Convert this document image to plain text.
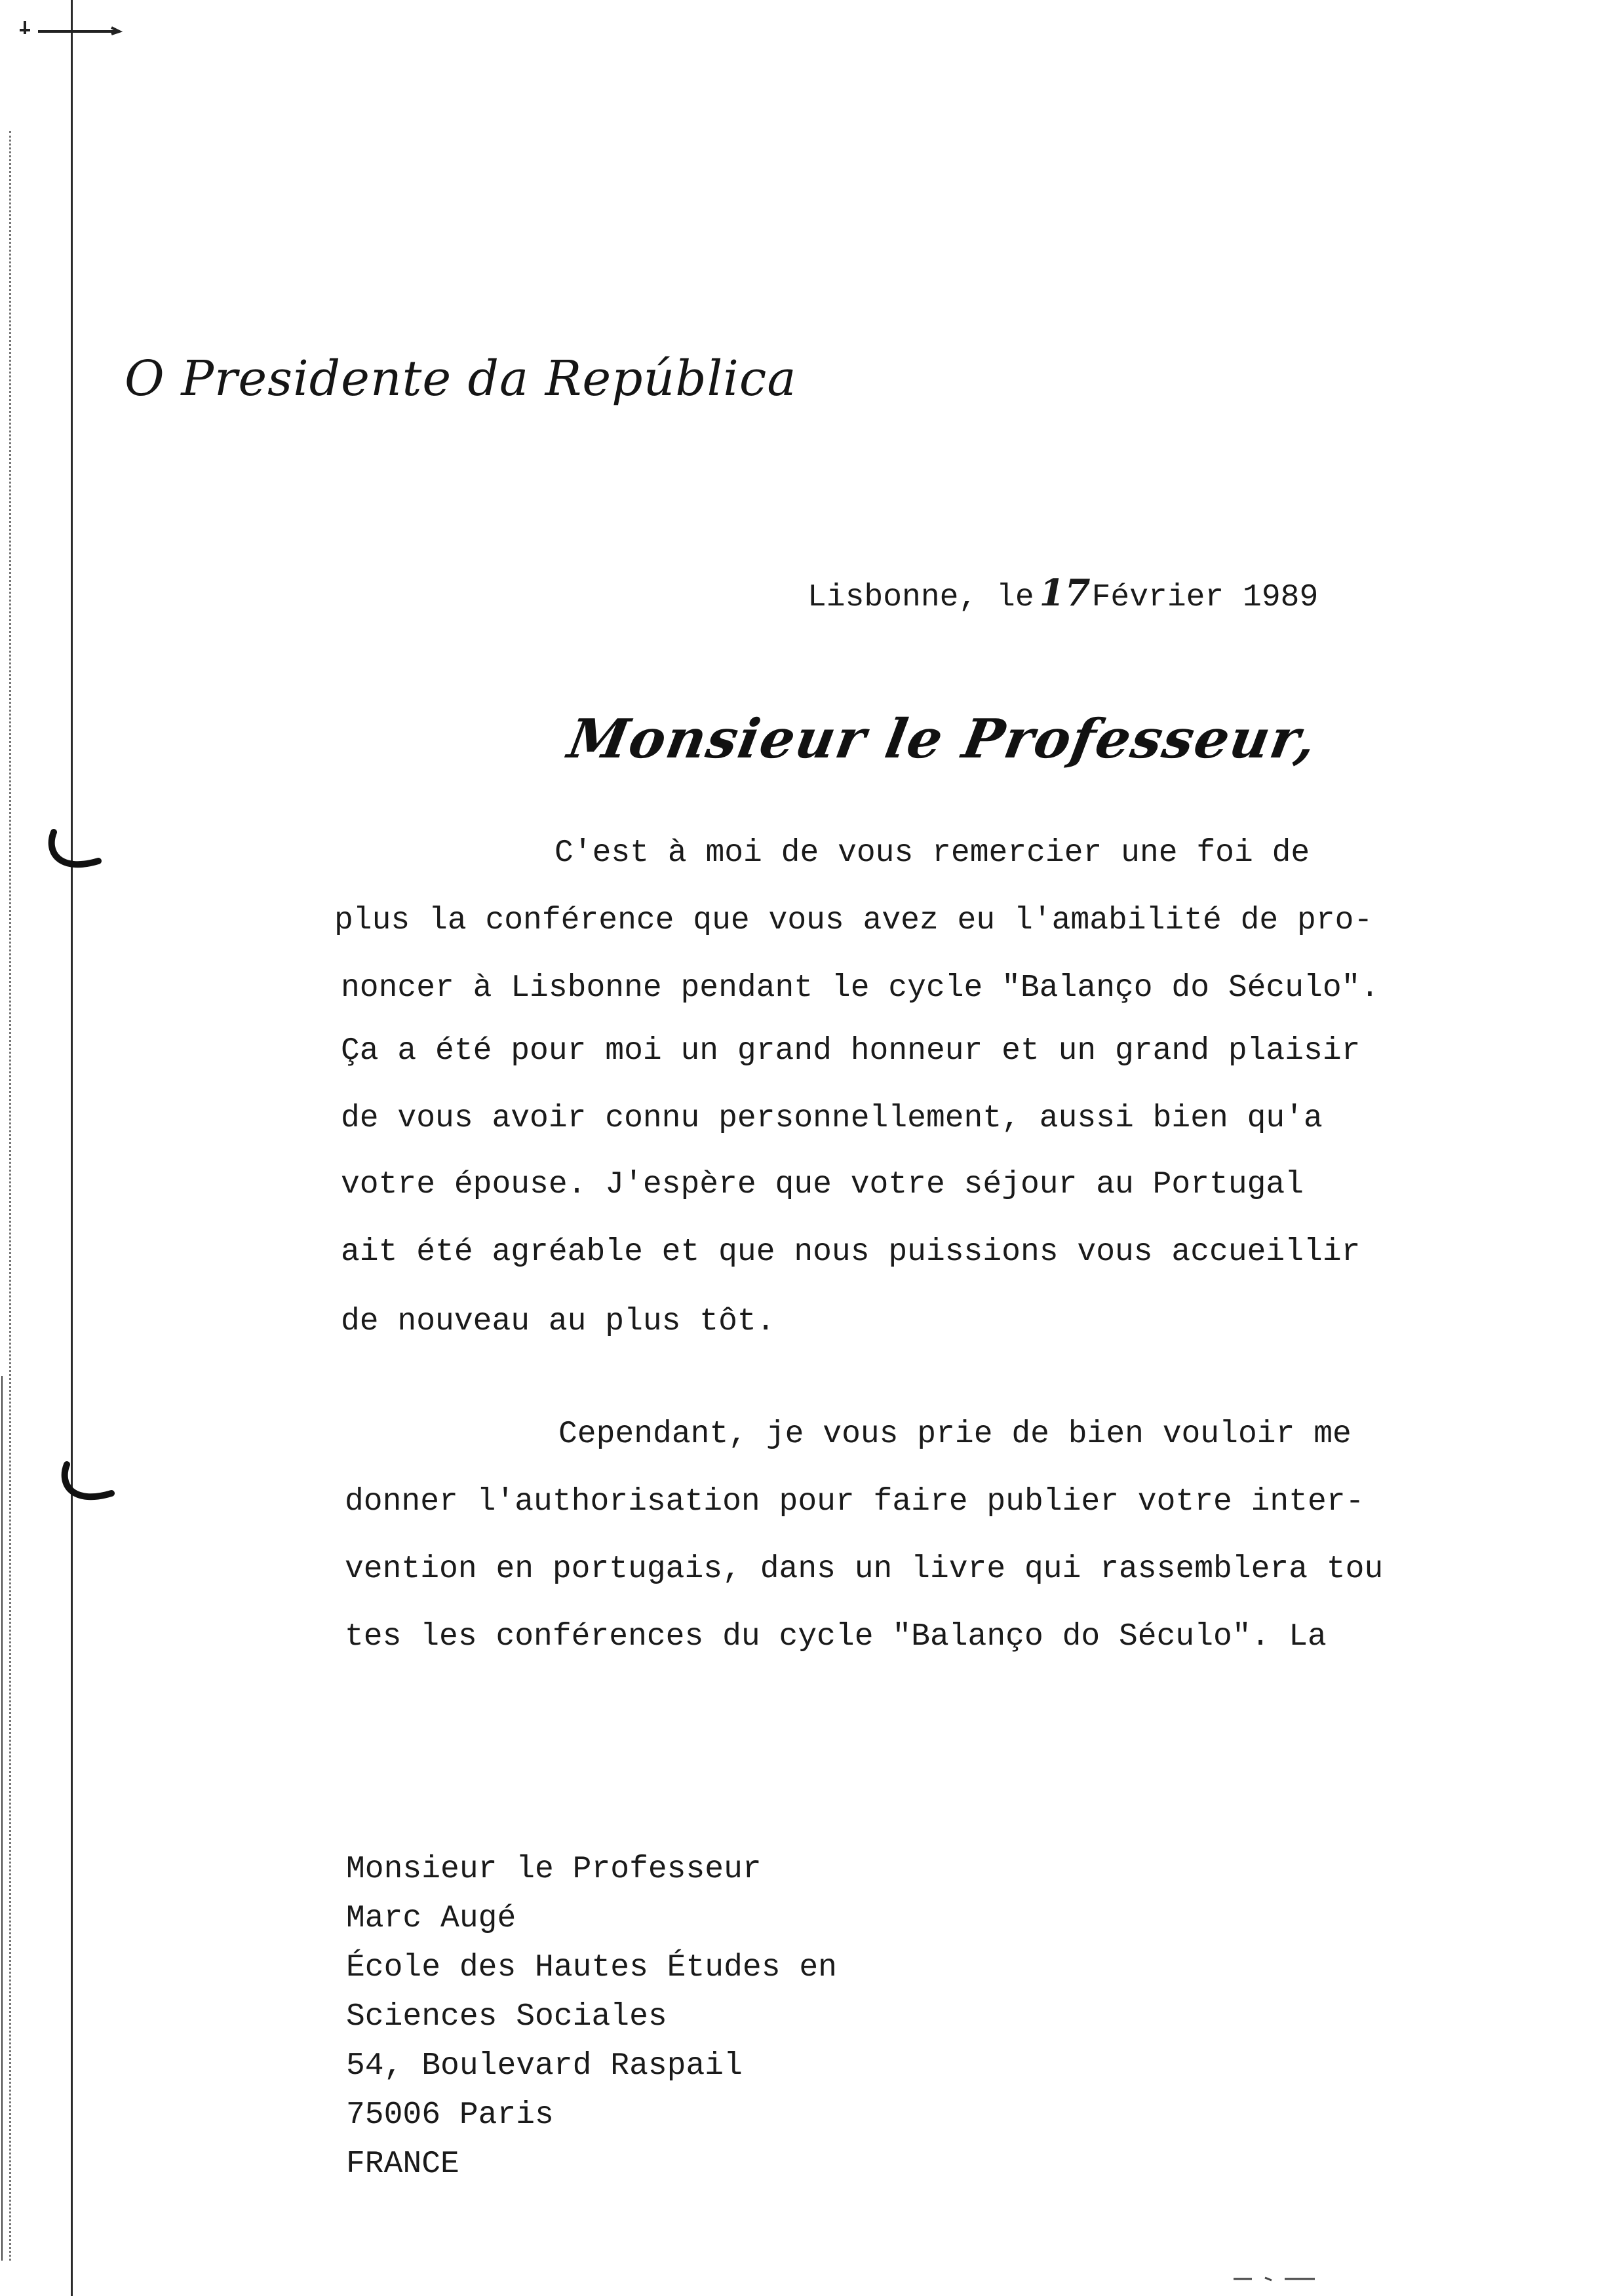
O Presidente da República
Lisbonne, le 17Février 1989
Monsieur le Professeur,
C'est à moi de vous remercier une foi de
plus la conférence que vous avez eu l'amabilité de pro-
noncer à Lisbonne pendant le cycle "Balanço do Século".
Ça a été pour moi un grand honneur et un grand plaisir
de vous avoir connu personnellement, aussi bien qu'a
votre épouse. J'espère que votre séjour au Portugal
ait été agréable et que nous puissions vous accueillir
de nouveau au plus tôt.
Cependant, je vous prie de bien vouloir me
donner l'authorisation pour faire publier votre inter-
vention en portugais, dans un livre qui rassemblera tou
tes les conférences du cycle "Balanço do Século". La
Monsieur le Professeur
Marc Augé
École des Hautes Études en
Sciences Sociales
54, Boulevard Raspail
75006 Paris
FRANCE
